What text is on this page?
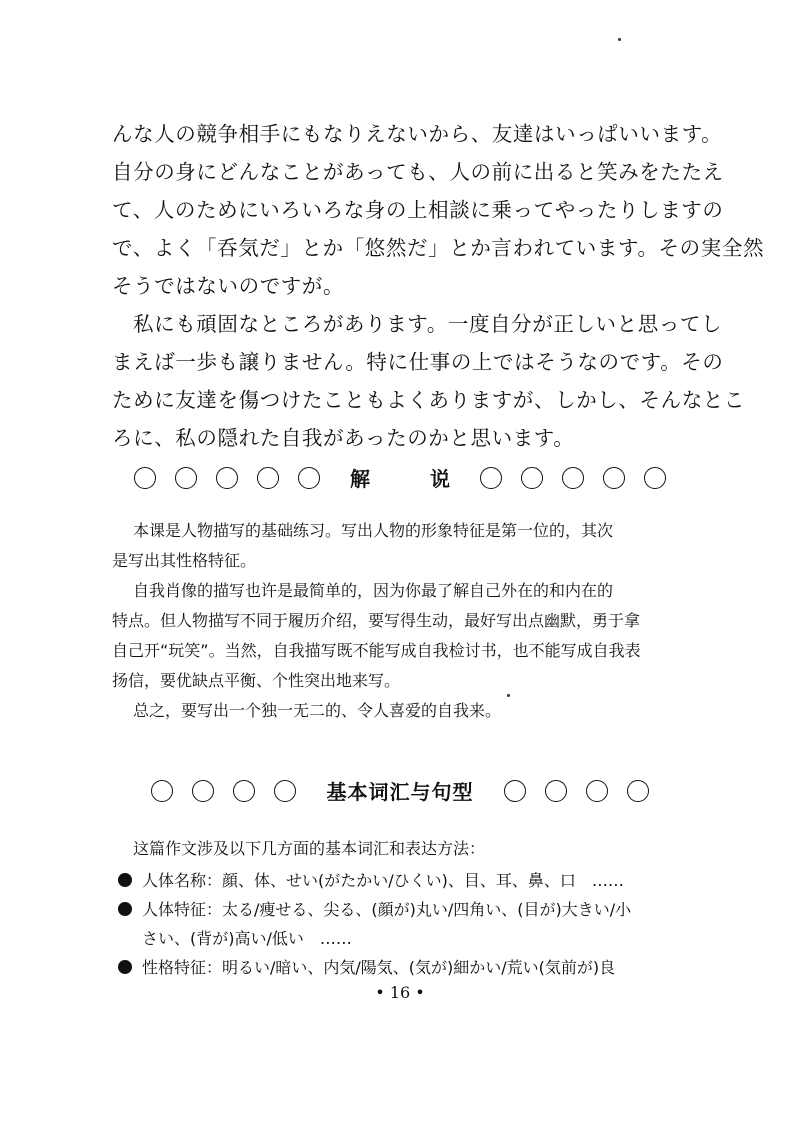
んな人の競争相手にもなりえないから、友達はいっぱいいます。
自分の身にどんなことがあっても、人の前に出ると笑みをたたえ
て、人のためにいろいろな身の上相談に乗ってやったりしますの
で、よく「呑気だ」とか「悠然だ」とか言われています。その実全然
そうではないのですが。
私にも頑固なところがあります。一度自分が正しいと思ってし
まえば一歩も譲りません。特に仕事の上ではそうなのです。その
ために友達を傷つけたこともよくありますが、しかし、そんなとこ
ろに、私の隠れた自我があったのかと思います。
解说
本课是人物描写的基础练习。写出人物的形象特征是第一位的，其次
是写出其性格特征。
自我肖像的描写也许是最简单的，因为你最了解自己外在的和内在的
特点。但人物描写不同于履历介绍，要写得生动，最好写出点幽默，勇于拿
自己开“玩笑”。当然，自我描写既不能写成自我检讨书，也不能写成自我表
扬信，要优缺点平衡、个性突出地来写。
总之，要写出一个独一无二的、令人喜爱的自我来。
基本词汇与句型
这篇作文涉及以下几方面的基本词汇和表达方法：
人体名称：顔、体、せい(がたかい/ひくい)、目、耳、鼻、口　……
人体特征：太る/痩せる、尖る、(顔が)丸い/四角い、(目が)大きい/小
さい、(背が)高い/低い　……
性格特征：明るい/暗い、内気/陽気、(気が)細かい/荒い(気前が)良
• 16 •
